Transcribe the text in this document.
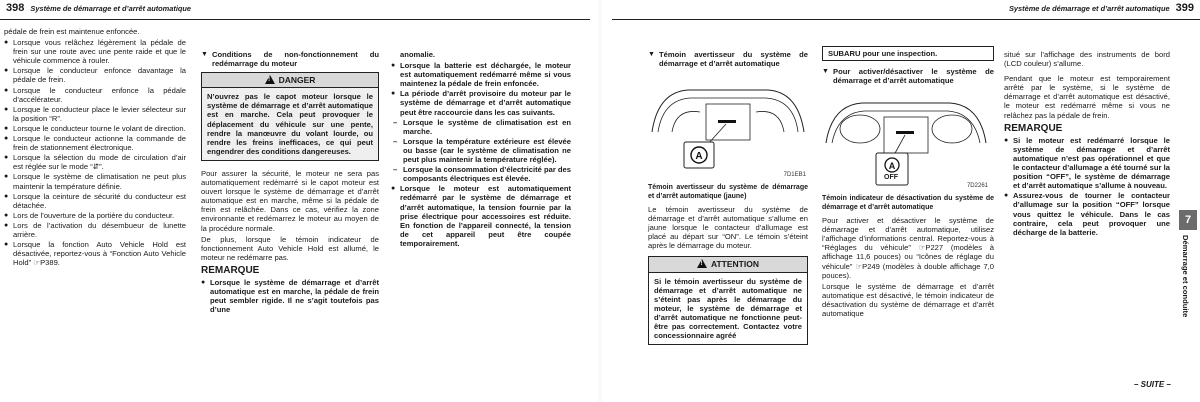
398 Système de démarrage et d’arrêt automatique

pédale de frein est maintenue enfoncée.

● Lorsque vous relâchez légèrement la pédale de frein sur une route avec une pente raide et que le véhicule commence à rouler.
● Lorsque le conducteur enfonce davantage la pédale de frein.
● Lorsque le conducteur enfonce la pédale d’accélérateur.
● Lorsque le conducteur place le levier sélecteur sur la position “R”.
● Lorsque le conducteur tourne le volant de direction.
● Lorsque le conducteur actionne la commande de frein de stationnement électronique.
● Lorsque la sélection du mode de circulation d’air est réglée sur le mode “⇵”.
● Lorsque le système de climatisation ne peut plus maintenir la température définie.
● Lorsque la ceinture de sécurité du conducteur est détachée.
● Lors de l’ouverture de la portière du conducteur.
● Lors de l’activation du désembueur de lunette arrière.
● Lorsque la fonction Auto Vehicle Hold est désactivée, reportez-vous à “Fonction Auto Vehicle Hold” ☞P389.
▼ Conditions de non-fonctionnement du redémarrage du moteur
!DANGER
N’ouvrez pas le capot moteur lorsque le système de démarrage et d’arrêt automatique est en marche. Cela peut provoquer le déplacement du véhicule sur une pente, rendre la manœuvre du volant lourde, ou rendre les freins inefficaces, ce qui peut engendrer des conditions dangereuses.

Pour assurer la sécurité, le moteur ne sera pas automatiquement redémarré si le capot moteur est ouvert lorsque le système de démarrage et d’arrêt automatique est en marche, même si la pédale de frein est relâchée. Dans ce cas, vérifiez la zone environnante et redémarrez le moteur au moyen de la procédure normale.

De plus, lorsque le témoin indicateur de fonctionnement Auto Vehicle Hold est allumé, le moteur ne redémarre pas.

REMARQUE
● Lorsque le système de démarrage et d’arrêt automatique est en marche, la pédale de frein peut sembler rigide. Il ne s’agit toutefois pas d’une

anomalie.

● Lorsque la batterie est déchargée, le moteur est automatiquement redémarré même si vous maintenez la pédale de frein enfoncée.
● La période d’arrêt provisoire du moteur par le système de démarrage et d’arrêt automatique peut être raccourcie dans les cas suivants.
– Lorsque le système de climatisation est en marche.
– Lorsque la température extérieure est élevée ou basse (car le système de climatisation ne peut plus maintenir la température réglée).
– Lorsque la consommation d’électricité par des composants électriques est élevée.
● Lorsque le moteur est automatiquement redémarré par le système de démarrage et d’arrêt automatique, la tension fournie par la prise électrique pour accessoires est réduite. En fonction de l’appareil connecté, la tension de cet appareil peut être coupée temporairement.
Système de démarrage et d’arrêt automatique 399
▼ Témoin avertisseur du système de démarrage et d’arrêt automatique
A
7D1EB1
Témoin avertisseur du système de démarrage et d’arrêt automatique (jaune)

Le témoin avertisseur du système de démarrage et d’arrêt automatique s’allume en jaune lorsque le contacteur d’allumage est placé au départ sur “ON”. Le témoin s’éteint après le démarrage du moteur.

!ATTENTION
Si le témoin avertisseur du système de démarrage et d’arrêt automatique ne s’éteint pas après le démarrage du moteur, le système de démarrage et d’arrêt automatique ne fonctionne peut-être pas correctement. Contactez votre concessionnaire agréé
SUBARU pour une inspection.
▼ Pour activer/désactiver le système de démarrage et d’arrêt automatique
A
OFF
7D2261
Témoin indicateur de désactivation du système de démarrage et d’arrêt automatique

Pour activer et désactiver le système de démarrage et d’arrêt automatique, utilisez l’affichage d’informations central. Reportez-vous à “Réglages du véhicule” ☞P227 (modèles à affichage 11,6 pouces) ou “Icônes de réglage du véhicule” ☞P249 (modèles à double affichage 7,0 pouces).

Lorsque le système de démarrage et d’arrêt automatique est désactivé, le témoin indicateur de désactivation du système de démarrage et d’arrêt automatique

situé sur l’affichage des instruments de bord (LCD couleur) s’allume.

Pendant que le moteur est temporairement arrêté par le système, si le système de démarrage et d’arrêt automatique est désactivé, le moteur est redémarré même si vous ne relâchez pas la pédale de frein.

REMARQUE
● Si le moteur est redémarré lorsque le système de démarrage et d’arrêt automatique n’est pas opérationnel et que le contacteur d’allumage a été tourné sur la position “OFF”, le système de démarrage et d’arrêt automatique s’allume à nouveau.
● Assurez-vous de tourner le contacteur d’allumage sur la position “OFF” lorsque vous quittez le véhicule. Dans le cas contraire, cela peut provoquer une décharge de la batterie.
7
Démarrage et conduite
– SUITE –
